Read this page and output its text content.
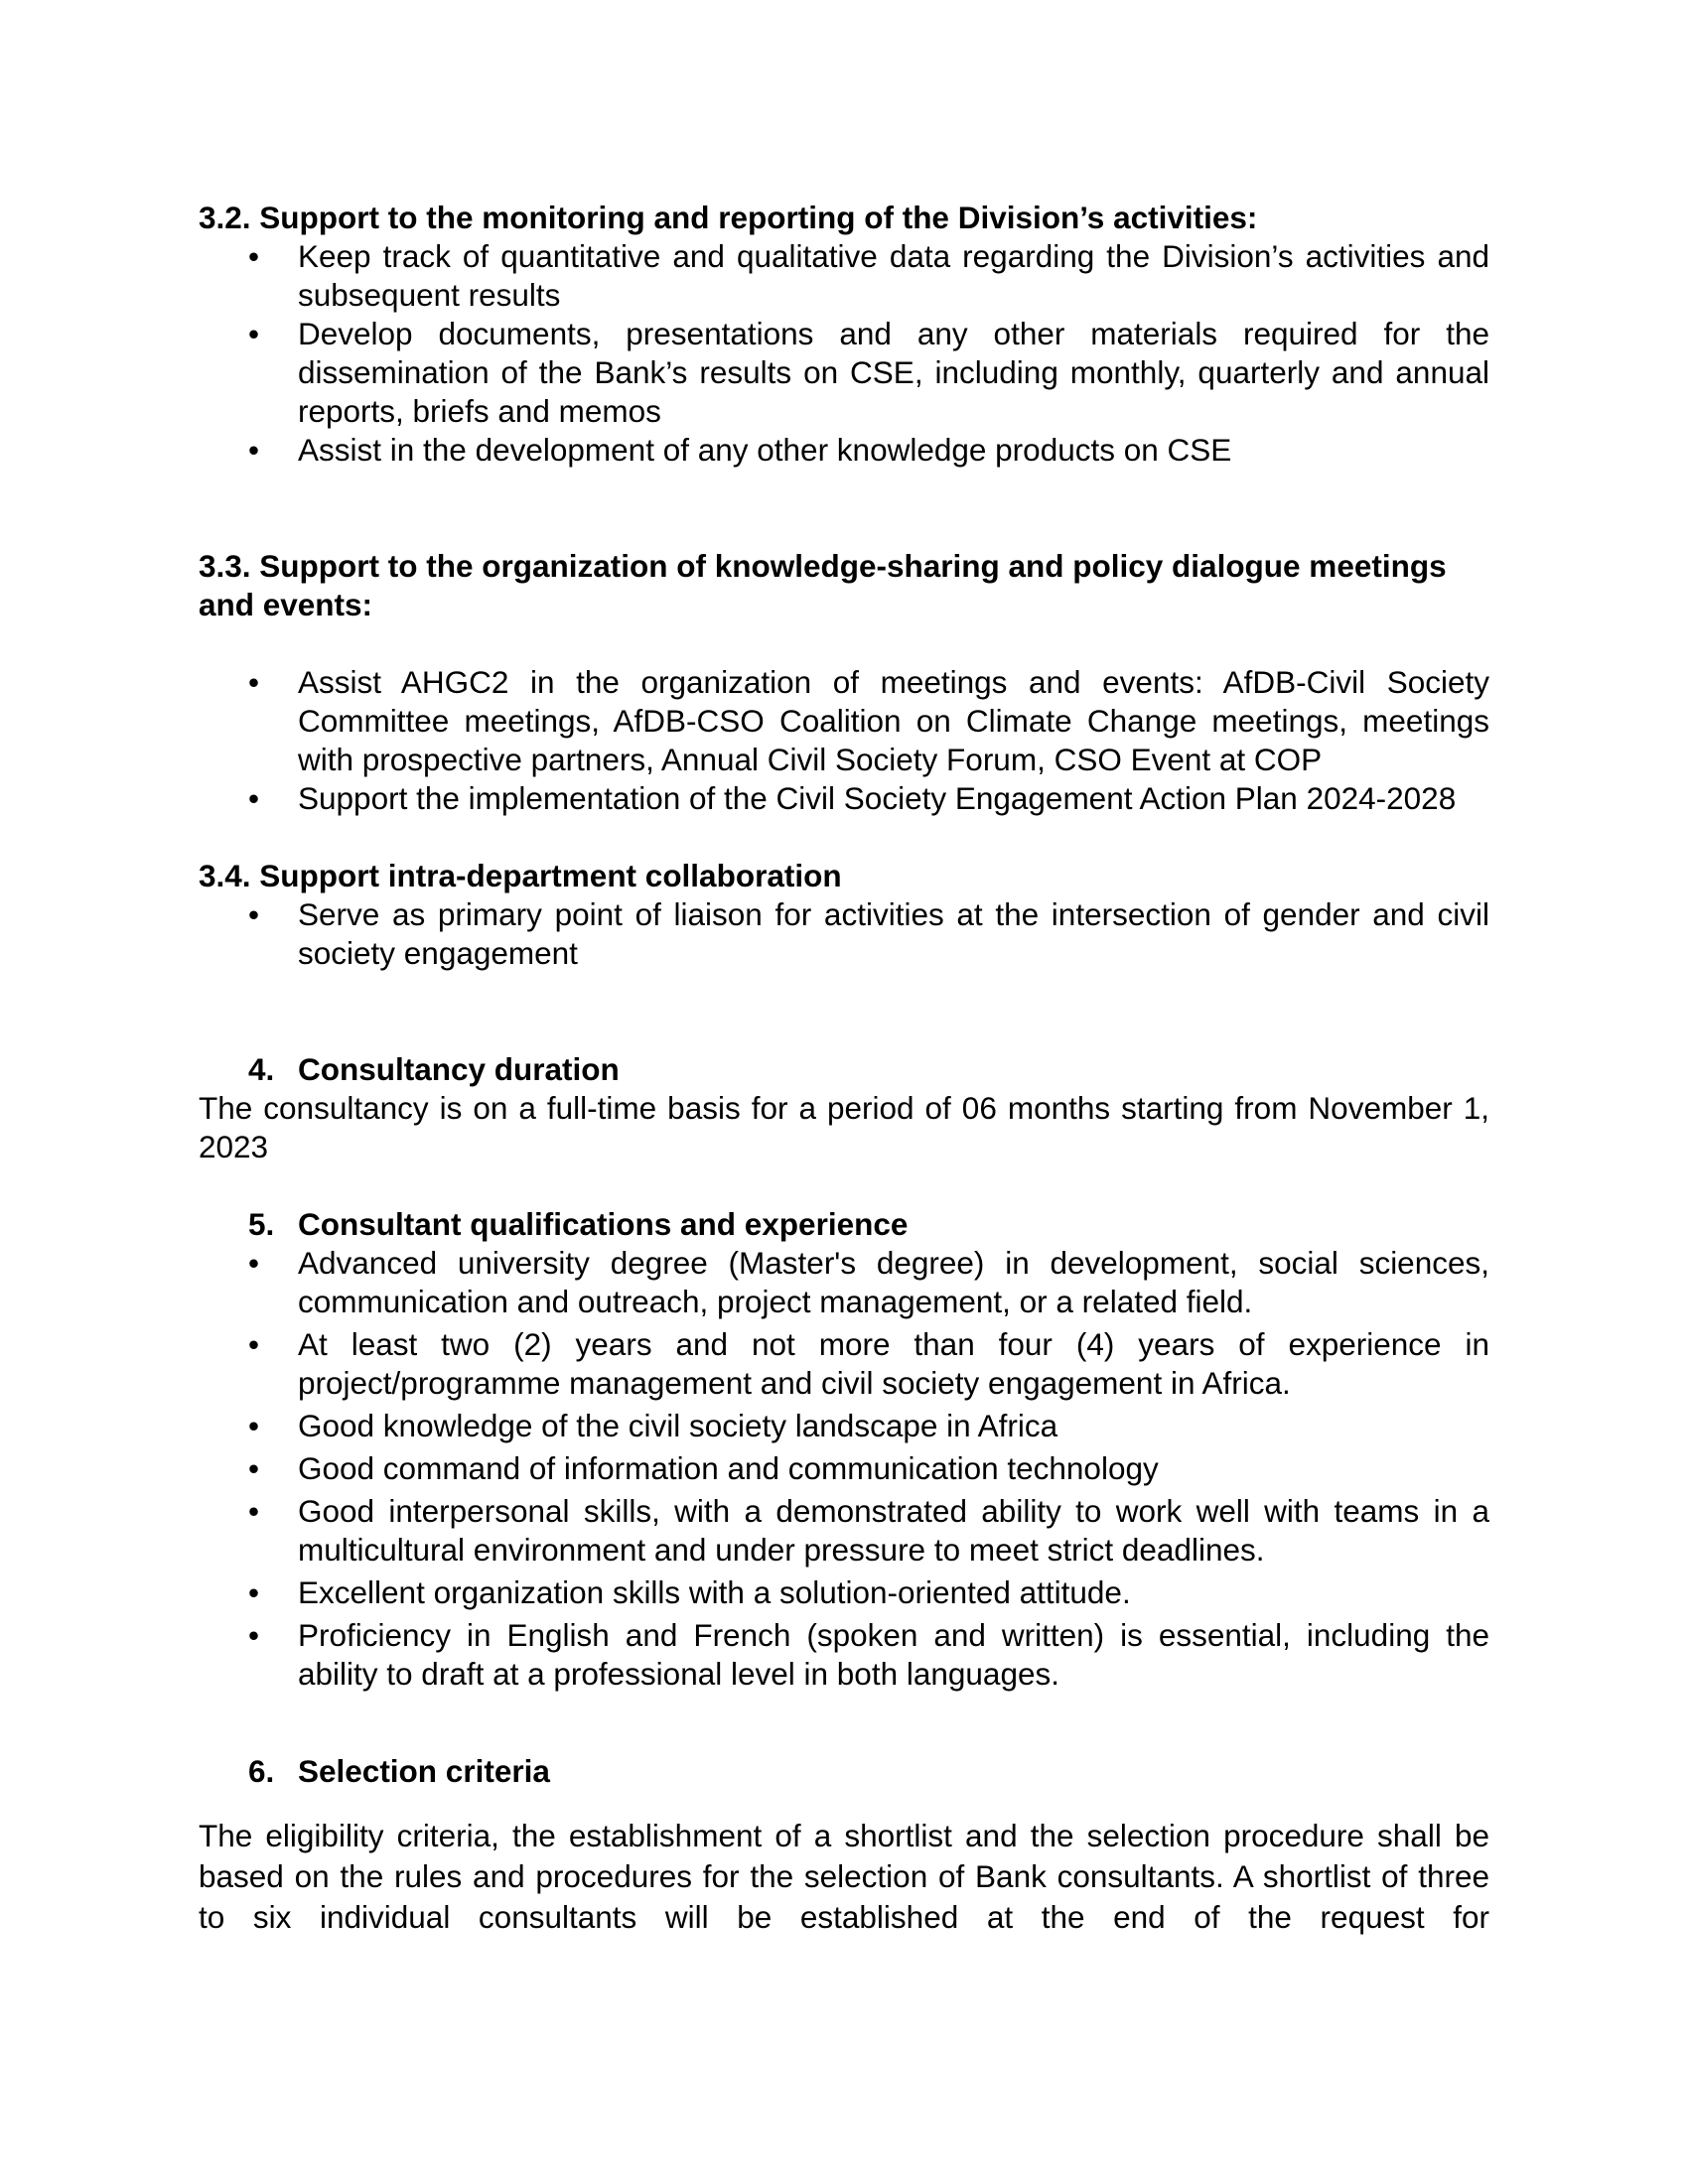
3.2. Support to the monitoring and reporting of the Division’s activities:

• Keep track of quantitative and qualitative data regarding the Division’s activities and subsequent results
• Develop documents, presentations and any other materials required for the dissemination of the Bank’s results on CSE, including monthly, quarterly and annual reports, briefs and memos
• Assist in the development of any other knowledge products on CSE

3.3. Support to the organization of knowledge-sharing and policy dialogue meetings and events:

• Assist AHGC2 in the organization of meetings and events: AfDB-Civil Society Committee meetings, AfDB-CSO Coalition on Climate Change meetings, meetings with prospective partners, Annual Civil Society Forum, CSO Event at COP
• Support the implementation of the Civil Society Engagement Action Plan 2024-2028

3.4. Support intra-department collaboration

• Serve as primary point of liaison for activities at the intersection of gender and civil society engagement
4. Consultancy duration

The consultancy is on a full-time basis for a period of 06 months starting from November 1, 2023

5. Consultant qualifications and experience
• Advanced university degree (Master's degree) in development, social sciences, communication and outreach, project management, or a related field.
• At least two (2) years and not more than four (4) years of experience in project/programme management and civil society engagement in Africa.
• Good knowledge of the civil society landscape in Africa
• Good command of information and communication technology
• Good interpersonal skills, with a demonstrated ability to work well with teams in a multicultural environment and under pressure to meet strict deadlines.
• Excellent organization skills with a solution-oriented attitude.
• Proficiency in English and French (spoken and written) is essential, including the ability to draft at a professional level in both languages.
6. Selection criteria

The eligibility criteria, the establishment of a shortlist and the selection procedure shall be based on the rules and procedures for the selection of Bank consultants. A shortlist of three to six individual consultants will be established at the end of the request for
